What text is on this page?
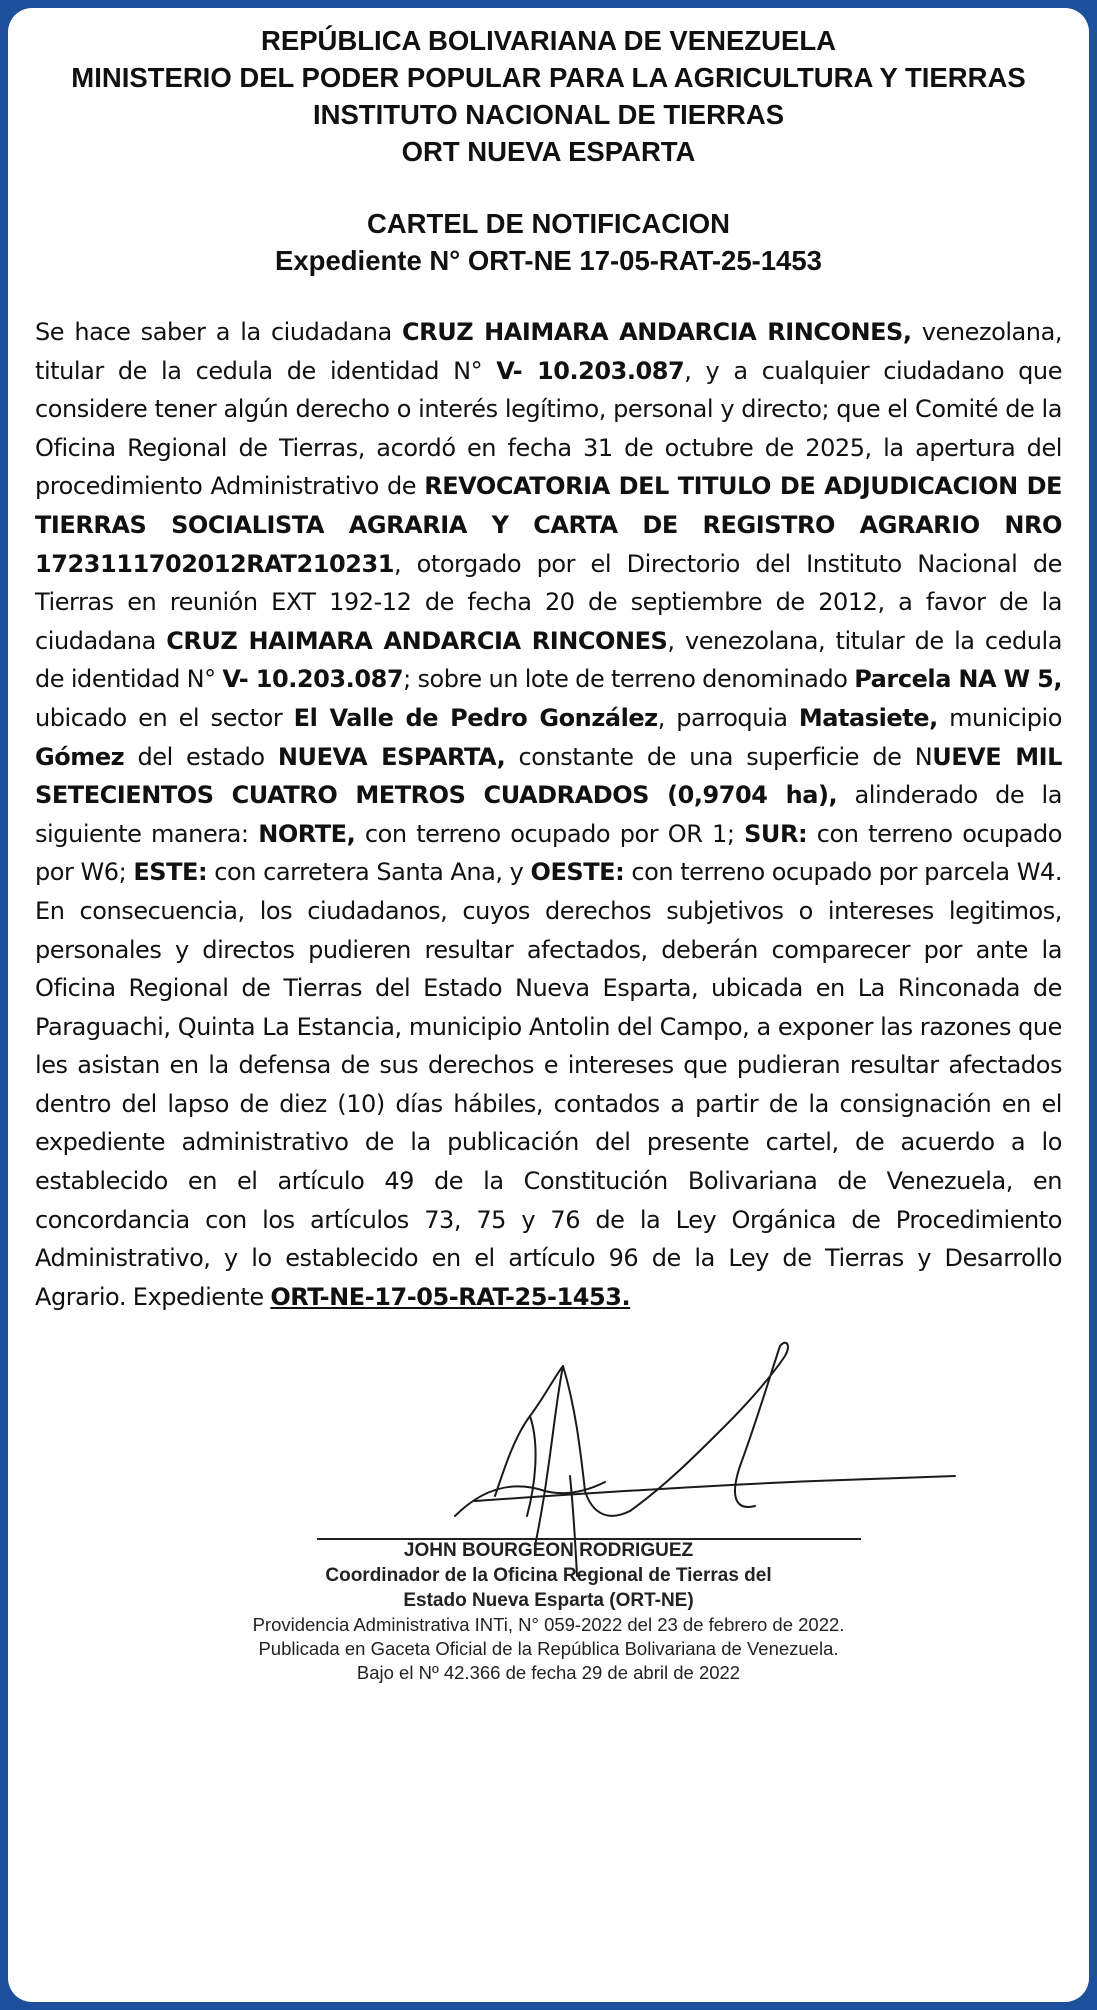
REPÚBLICA BOLIVARIANA DE VENEZUELA
MINISTERIO DEL PODER POPULAR PARA LA AGRICULTURA Y TIERRAS
INSTITUTO NACIONAL DE TIERRAS
ORT NUEVA ESPARTA
CARTEL DE NOTIFICACION
Expediente N° ORT-NE 17-05-RAT-25-1453
Se hace saber a la ciudadana CRUZ HAIMARA ANDARCIA RINCONES, venezolana, titular de la cedula de identidad N° V- 10.203.087, y a cualquier ciudadano que considere tener algún derecho o interés legítimo, personal y directo; que el Comité de la Oficina Regional de Tierras, acordó en fecha 31 de octubre de 2025, la apertura del procedimiento Administrativo de REVOCATORIA DEL TITULO DE ADJUDICACION DE TIERRAS SOCIALISTA AGRARIA Y CARTA DE REGISTRO AGRARIO NRO 1723111702012RAT210231, otorgado por el Directorio del Instituto Nacional de Tierras en reunión EXT 192-12 de fecha 20 de septiembre de 2012, a favor de la ciudadana CRUZ HAIMARA ANDARCIA RINCONES, venezolana, titular de la cedula de identidad N° V- 10.203.087; sobre un lote de terreno denominado Parcela NA W 5, ubicado en el sector El Valle de Pedro González, parroquia Matasiete, municipio Gómez del estado NUEVA ESPARTA, constante de una superficie de NUEVE MIL SETECIENTOS CUATRO METROS CUADRADOS (0,9704 ha), alinderado de la siguiente manera: NORTE, con terreno ocupado por OR 1; SUR: con terreno ocupado por W6; ESTE: con carretera Santa Ana, y OESTE: con terreno ocupado por parcela W4. En consecuencia, los ciudadanos, cuyos derechos subjetivos o intereses legitimos, personales y directos pudieren resultar afectados, deberán comparecer por ante la Oficina Regional de Tierras del Estado Nueva Esparta, ubicada en La Rinconada de Paraguachi, Quinta La Estancia, municipio Antolin del Campo, a exponer las razones que les asistan en la defensa de sus derechos e intereses que pudieran resultar afectados dentro del lapso de diez (10) días hábiles, contados a partir de la consignación en el expediente administrativo de la publicación del presente cartel, de acuerdo a lo establecido en el artículo 49 de la Constitución Bolivariana de Venezuela, en concordancia con los artículos 73, 75 y 76 de la Ley Orgánica de Procedimiento Administrativo, y lo establecido en el artículo 96 de la Ley de Tierras y Desarrollo Agrario. Expediente ORT-NE-17-05-RAT-25-1453.
JOHN BOURGEON RODRIGUEZ
Coordinador de la Oficina Regional de Tierras del
Estado Nueva Esparta (ORT-NE)
Providencia Administrativa INTi, N° 059-2022 del 23 de febrero de 2022.
Publicada en Gaceta Oficial de la República Bolivariana de Venezuela.
Bajo el Nº 42.366 de fecha 29 de abril de 2022
